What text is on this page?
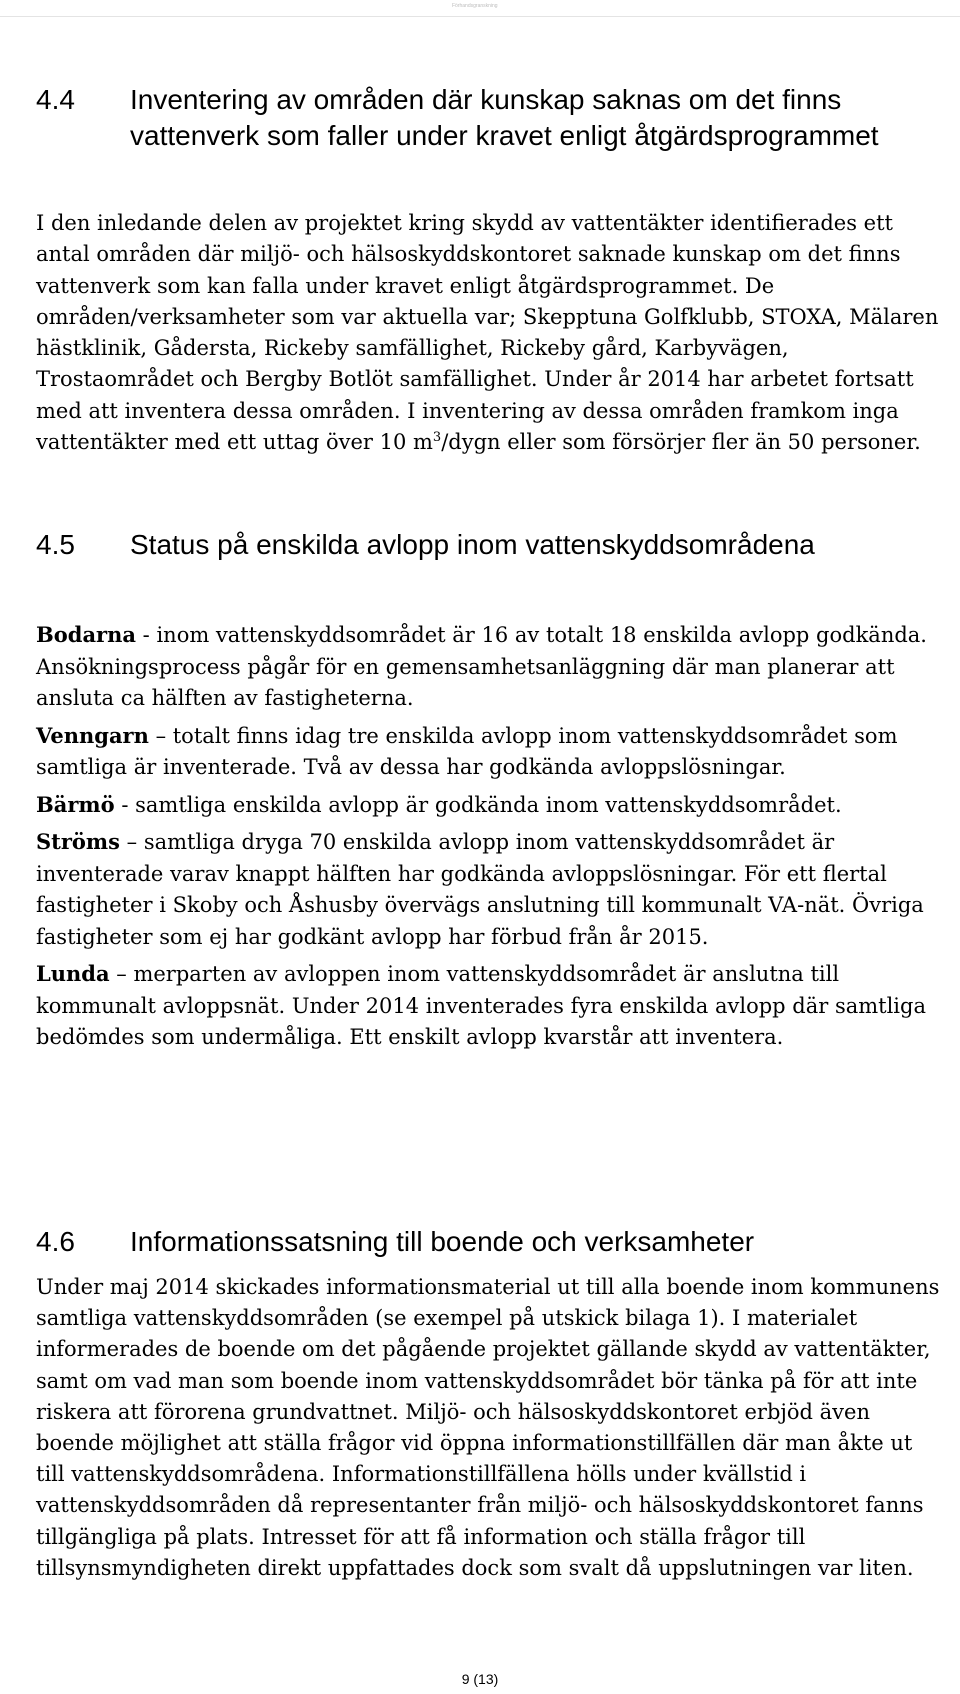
Förhandsgranskning
4.4	Inventering av områden där kunskap saknas om det finns vattenverk som faller under kravet enligt åtgärdsprogrammet

I den inledande delen av projektet kring skydd av vattentäkter identifierades ett antal områden där miljö- och hälsoskyddskontoret saknade kunskap om det finns vattenverk som kan falla under kravet enligt åtgärdsprogrammet. De områden/verksamheter som var aktuella var; Skepptuna Golfklubb, STOXA, Mälaren hästklinik, Gådersta, Rickeby samfällighet, Rickeby gård, Karbyvägen, Trostaområdet och Bergby Botlöt samfällighet. Under år 2014 har arbetet fortsatt med att inventera dessa områden. I inventering av dessa områden framkom inga vattentäkter med ett uttag över 10 $m^3$/dygn eller som försörjer fler än 50 personer.

4.5	Status på enskilda avlopp inom vattenskyddsområdena

Bodarna - inom vattenskyddsområdet är 16 av totalt 18 enskilda avlopp godkända. Ansökningsprocess pågår för en gemensamhetsanläggning där man planerar att ansluta ca hälften av fastigheterna.

Venngarn – totalt finns idag tre enskilda avlopp inom vattenskyddsområdet som samtliga är inventerade. Två av dessa har godkända avloppslösningar.

Bärmö - samtliga enskilda avlopp är godkända inom vattenskyddsområdet.

Ströms – samtliga dryga 70 enskilda avlopp inom vattenskyddsområdet är inventerade varav knappt hälften har godkända avloppslösningar. För ett flertal fastigheter i Skoby och Åshusby övervägs anslutning till kommunalt VA-nät. Övriga fastigheter som ej har godkänt avlopp har förbud från år 2015.

Lunda – merparten av avloppen inom vattenskyddsområdet är anslutna till kommunalt avloppsnät. Under 2014 inventerades fyra enskilda avlopp där samtliga bedömdes som undermåliga. Ett enskilt avlopp kvarstår att inventera.

4.6	Informationssatsning till boende och verksamheter

Under maj 2014 skickades informationsmaterial ut till alla boende inom kommunens samtliga vattenskyddsområden (se exempel på utskick bilaga 1). I materialet informerades de boende om det pågående projektet gällande skydd av vattentäkter, samt om vad man som boende inom vattenskyddsområdet bör tänka på för att inte riskera att förorena grundvattnet. Miljö- och hälsoskyddskontoret erbjöd även boende möjlighet att ställa frågor vid öppna informationstillfällen där man åkte ut till vattenskyddsområdena. Informationstillfällena hölls under kvällstid i vattenskyddsområden då representanter från miljö- och hälsoskyddskontoret fanns tillgängliga på plats. Intresset för att få information och ställa frågor till tillsynsmyndigheten direkt uppfattades dock som svalt då uppslutningen var liten.

9 (13)
